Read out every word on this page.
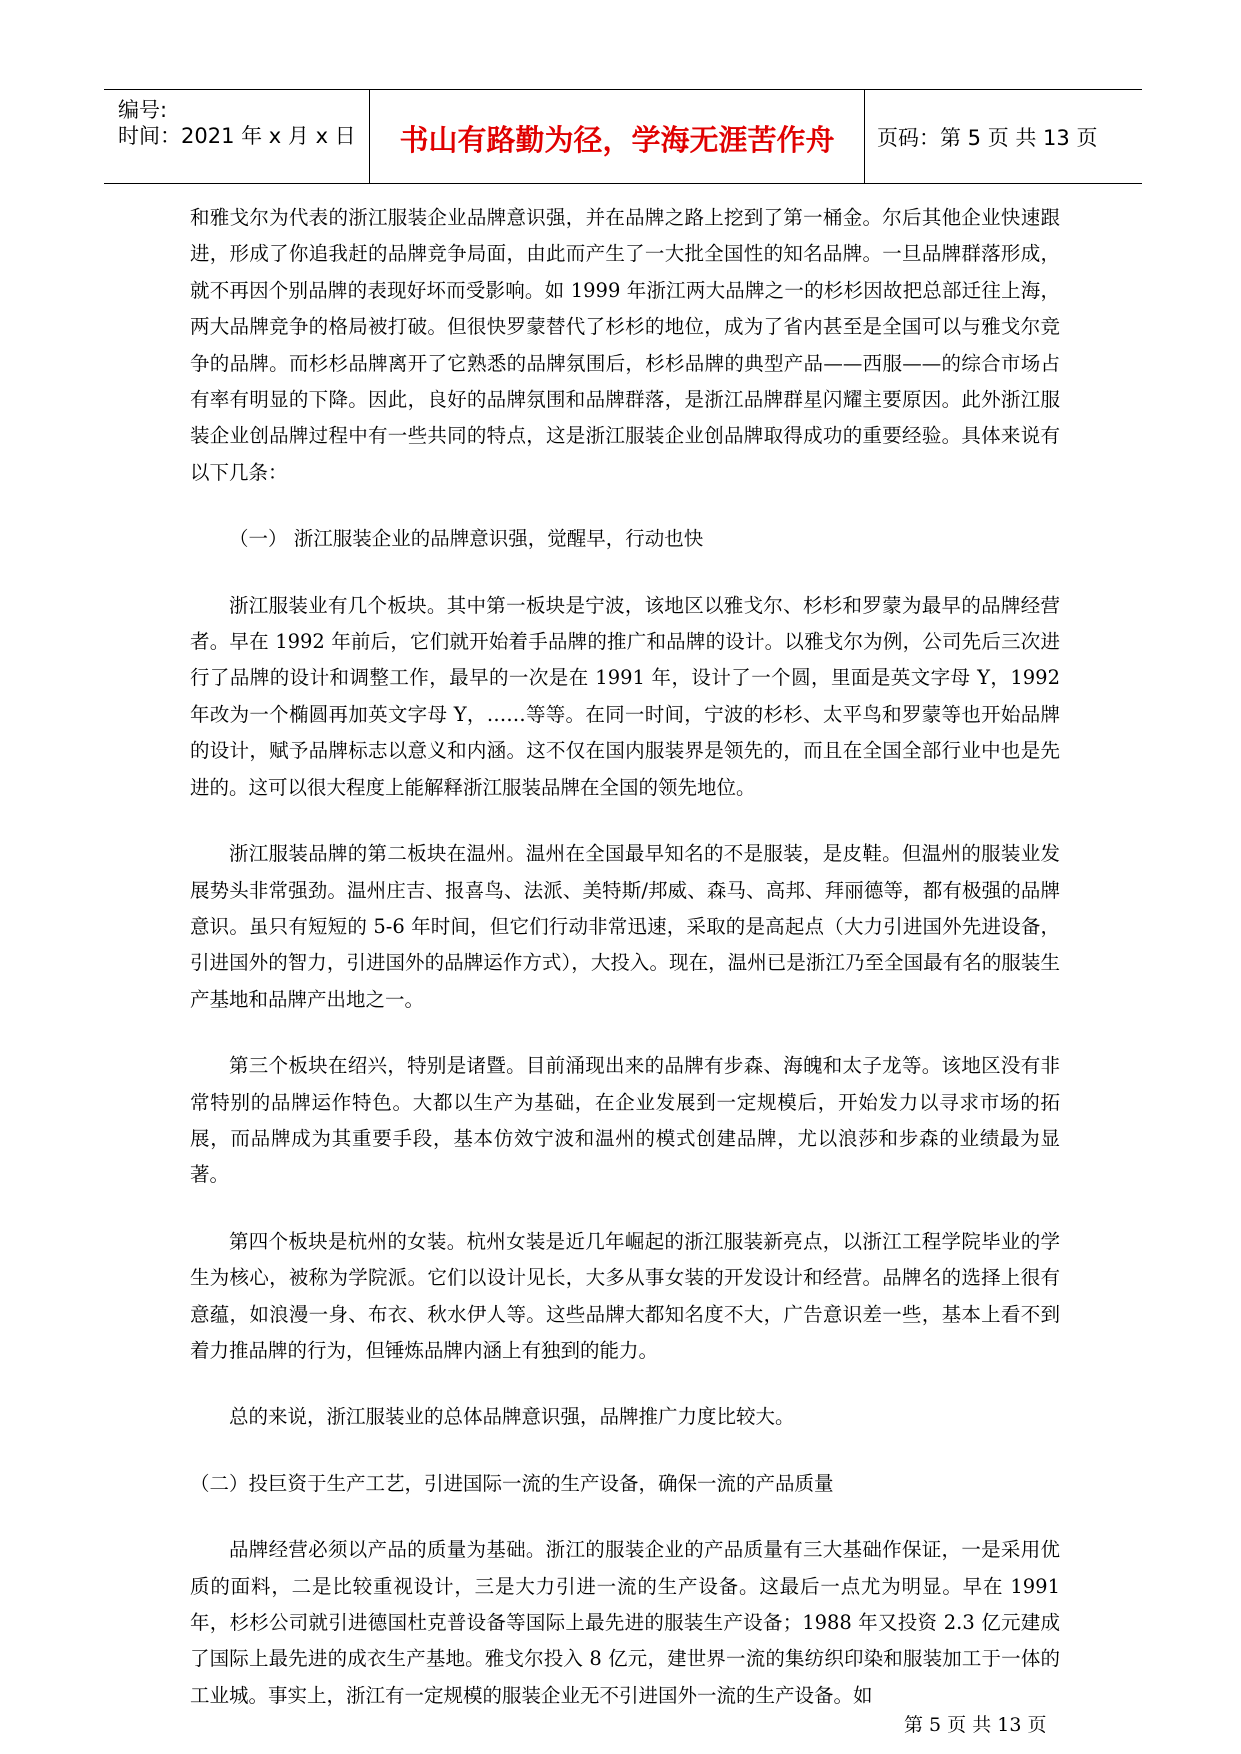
编号:
时间：2021 年 x 月 x 日	书山有路勤为径，学海无涯苦作舟	页码：第 5 页 共 13 页

和雅戈尔为代表的浙江服装企业品牌意识强，并在品牌之路上挖到了第一桶金。尔后其他企业快速跟进，形成了你追我赶的品牌竞争局面，由此而产生了一大批全国性的知名品牌。一旦品牌群落形成，就不再因个别品牌的表现好坏而受影响。如 1999 年浙江两大品牌之一的杉杉因故把总部迁往上海，两大品牌竞争的格局被打破。但很快罗蒙替代了杉杉的地位，成为了省内甚至是全国可以与雅戈尔竞争的品牌。而杉杉品牌离开了它熟悉的品牌氛围后，杉杉品牌的典型产品——西服——的综合市场占有率有明显的下降。因此，良好的品牌氛围和品牌群落，是浙江品牌群星闪耀主要原因。此外浙江服装企业创品牌过程中有一些共同的特点，这是浙江服装企业创品牌取得成功的重要经验。具体来说有以下几条：

（一） 浙江服装企业的品牌意识强，觉醒早，行动也快

浙江服装业有几个板块。其中第一板块是宁波，该地区以雅戈尔、杉杉和罗蒙为最早的品牌经营者。早在 1992 年前后，它们就开始着手品牌的推广和品牌的设计。以雅戈尔为例，公司先后三次进行了品牌的设计和调整工作，最早的一次是在 1991 年，设计了一个圆，里面是英文字母 Y，1992 年改为一个椭圆再加英文字母 Y，……等等。在同一时间，宁波的杉杉、太平鸟和罗蒙等也开始品牌的设计，赋予品牌标志以意义和内涵。这不仅在国内服装界是领先的，而且在全国全部行业中也是先进的。这可以很大程度上能解释浙江服装品牌在全国的领先地位。

浙江服装品牌的第二板块在温州。温州在全国最早知名的不是服装，是皮鞋。但温州的服装业发展势头非常强劲。温州庄吉、报喜鸟、法派、美特斯/邦威、森马、高邦、拜丽德等，都有极强的品牌意识。虽只有短短的 5-6 年时间，但它们行动非常迅速，采取的是高起点（大力引进国外先进设备，引进国外的智力，引进国外的品牌运作方式），大投入。现在，温州已是浙江乃至全国最有名的服装生产基地和品牌产出地之一。

第三个板块在绍兴，特别是诸暨。目前涌现出来的品牌有步森、海魄和太子龙等。该地区没有非常特别的品牌运作特色。大都以生产为基础，在企业发展到一定规模后，开始发力以寻求市场的拓展，而品牌成为其重要手段，基本仿效宁波和温州的模式创建品牌，尤以浪莎和步森的业绩最为显著。

第四个板块是杭州的女装。杭州女装是近几年崛起的浙江服装新亮点，以浙江工程学院毕业的学生为核心，被称为学院派。它们以设计见长，大多从事女装的开发设计和经营。品牌名的选择上很有意蕴，如浪漫一身、布衣、秋水伊人等。这些品牌大都知名度不大，广告意识差一些，基本上看不到着力推品牌的行为，但锤炼品牌内涵上有独到的能力。

总的来说，浙江服装业的总体品牌意识强，品牌推广力度比较大。

（二）投巨资于生产工艺，引进国际一流的生产设备，确保一流的产品质量

品牌经营必须以产品的质量为基础。浙江的服装企业的产品质量有三大基础作保证，一是采用优质的面料，二是比较重视设计，三是大力引进一流的生产设备。这最后一点尤为明显。早在 1991 年，杉杉公司就引进德国杜克普设备等国际上最先进的服装生产设备；1988 年又投资 2.3 亿元建成了国际上最先进的成衣生产基地。雅戈尔投入 8 亿元，建世界一流的集纺织印染和服装加工于一体的工业城。事实上，浙江有一定规模的服装企业无不引进国外一流的生产设备。如

第 5 页 共 13 页
